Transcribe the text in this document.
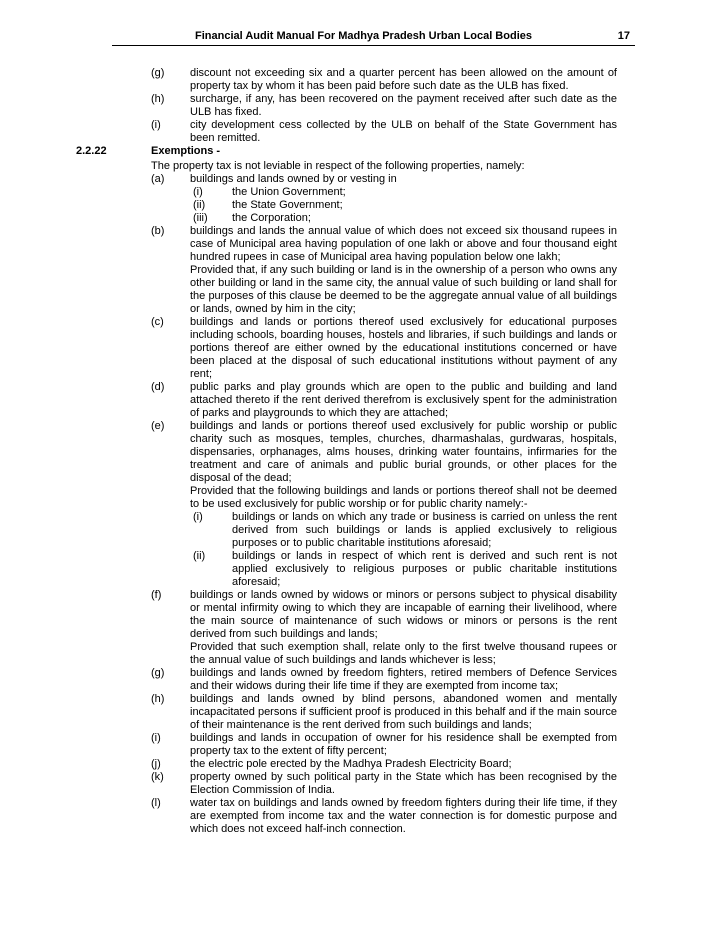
Financial Audit Manual For Madhya Pradesh Urban Local Bodies	17
(g) discount not exceeding six and a quarter percent has been allowed on the amount of property tax by whom it has been paid before such date as the ULB has fixed.
(h) surcharge, if any, has been recovered on the payment received after such date as the ULB has fixed.
(i)	city development cess collected by the ULB on behalf of the State Government has been remitted.
2.2.22	Exemptions -
The property tax is not leviable in respect of the following properties, namely:
(a) buildings and lands owned by or vesting in
(i)	the Union Government;
(ii) the State Government;
(iii) the Corporation;
(b) buildings and lands the annual value of which does not exceed six thousand rupees in case of Municipal area having population of one lakh or above and four thousand eight hundred rupees in case of Municipal area having population below one lakh;
Provided that, if any such building or land is in the ownership of a person who owns any other building or land in the same city, the annual value of such building or land shall for the purposes of this clause be deemed to be the aggregate annual value of all buildings or lands, owned by him in the city;
(c) buildings and lands or portions thereof used exclusively for educational purposes including schools, boarding houses, hostels and libraries, if such buildings and lands or portions thereof are either owned by the educational institutions concerned or have been placed at the disposal of such educational institutions without payment of any rent;
(d) public parks and play grounds which are open to the public and building and land attached thereto if the rent derived therefrom is exclusively spent for the administration of parks and playgrounds to which they are attached;
(e) buildings and lands or portions thereof used exclusively for public worship or public charity such as mosques, temples, churches, dharmashalas, gurdwaras, hospitals, dispensaries, orphanages, alms houses, drinking water fountains, infirmaries for the treatment and care of animals and public burial grounds, or other places for the disposal of the dead;
Provided that the following buildings and lands or portions thereof shall not be deemed to be used exclusively for public worship or for public charity namely:-
(i)	buildings or lands on which any trade or business is carried on unless the rent derived from such buildings or lands is applied exclusively to religious purposes or to public charitable institutions aforesaid;
(ii) buildings or lands in respect of which rent is derived and such rent is not applied exclusively to religious purposes or public charitable institutions aforesaid;
(f)	buildings or lands owned by widows or minors or persons subject to physical disability or mental infirmity owing to which they are incapable of earning their livelihood, where the main source of maintenance of such widows or minors or persons is the rent derived from such buildings and lands;
Provided that such exemption shall, relate only to the first twelve thousand rupees or the annual value of such buildings and lands whichever is less;
(g) buildings and lands owned by freedom fighters, retired members of Defence Services and their widows during their life time if they are exempted from income tax;
(h) buildings and lands owned by blind persons, abandoned women and mentally incapacitated persons if sufficient proof is produced in this behalf and if the main source of their maintenance is the rent derived from such buildings and lands;
(i)	buildings and lands in occupation of owner for his residence shall be exempted from property tax to the extent of fifty percent;
(j)	the electric pole erected by the Madhya Pradesh Electricity Board;
(k) property owned by such political party in the State which has been recognised by the Election Commission of India.
(l)	water tax on buildings and lands owned by freedom fighters during their life time, if they are exempted from income tax and the water connection is for domestic purpose and which does not exceed half-inch connection.
